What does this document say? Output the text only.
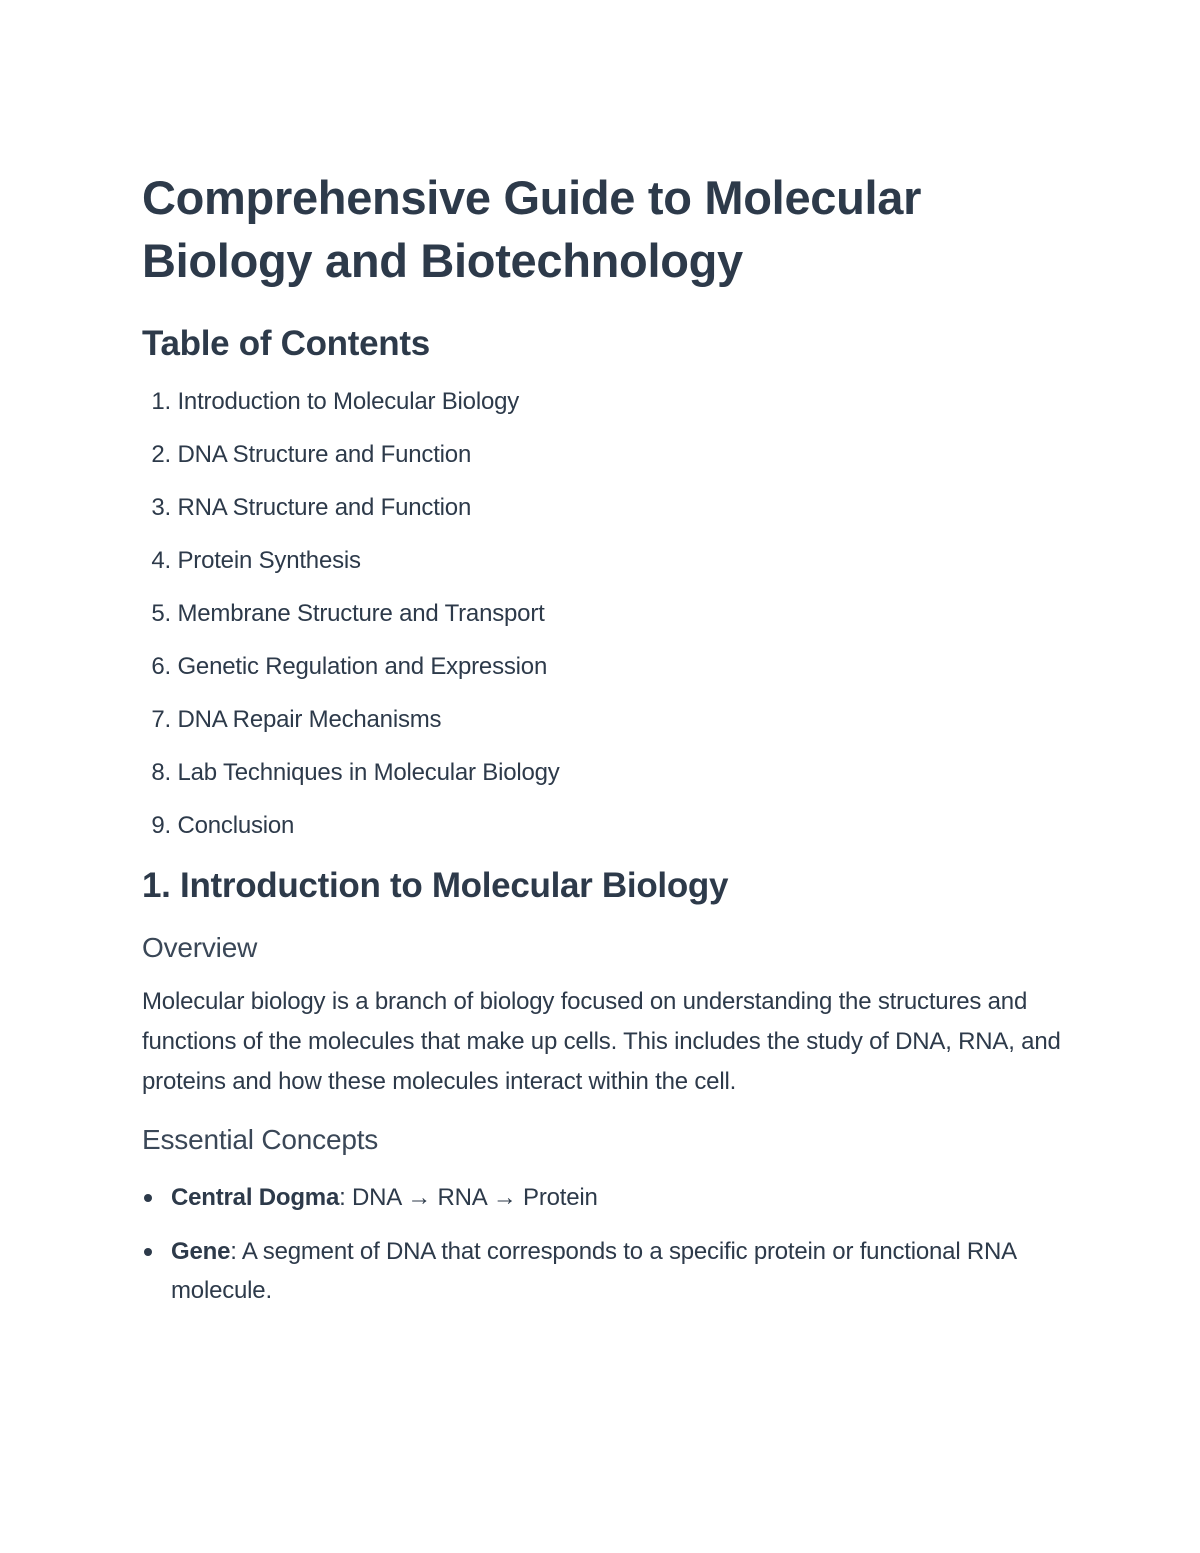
Comprehensive Guide to Molecular
Biology and Biotechnology
Table of Contents
1.
Introduction to Molecular Biology
2.
DNA Structure and Function
3.
RNA Structure and Function
4.
Protein Synthesis
5.
Membrane Structure and Transport
6.
Genetic Regulation and Expression
7.
DNA Repair Mechanisms
8.
Lab Techniques in Molecular Biology
9.
Conclusion
1. Introduction to Molecular Biology
Overview

Molecular biology is a branch of biology focused on understanding the structures and functions of the molecules that make up cells. This includes the study of DNA, RNA, and proteins and how these molecules interact within the cell.

Essential Concepts
Central Dogma: DNA → RNA → Protein
Gene: A segment of DNA that corresponds to a specific protein or functional RNA molecule.
